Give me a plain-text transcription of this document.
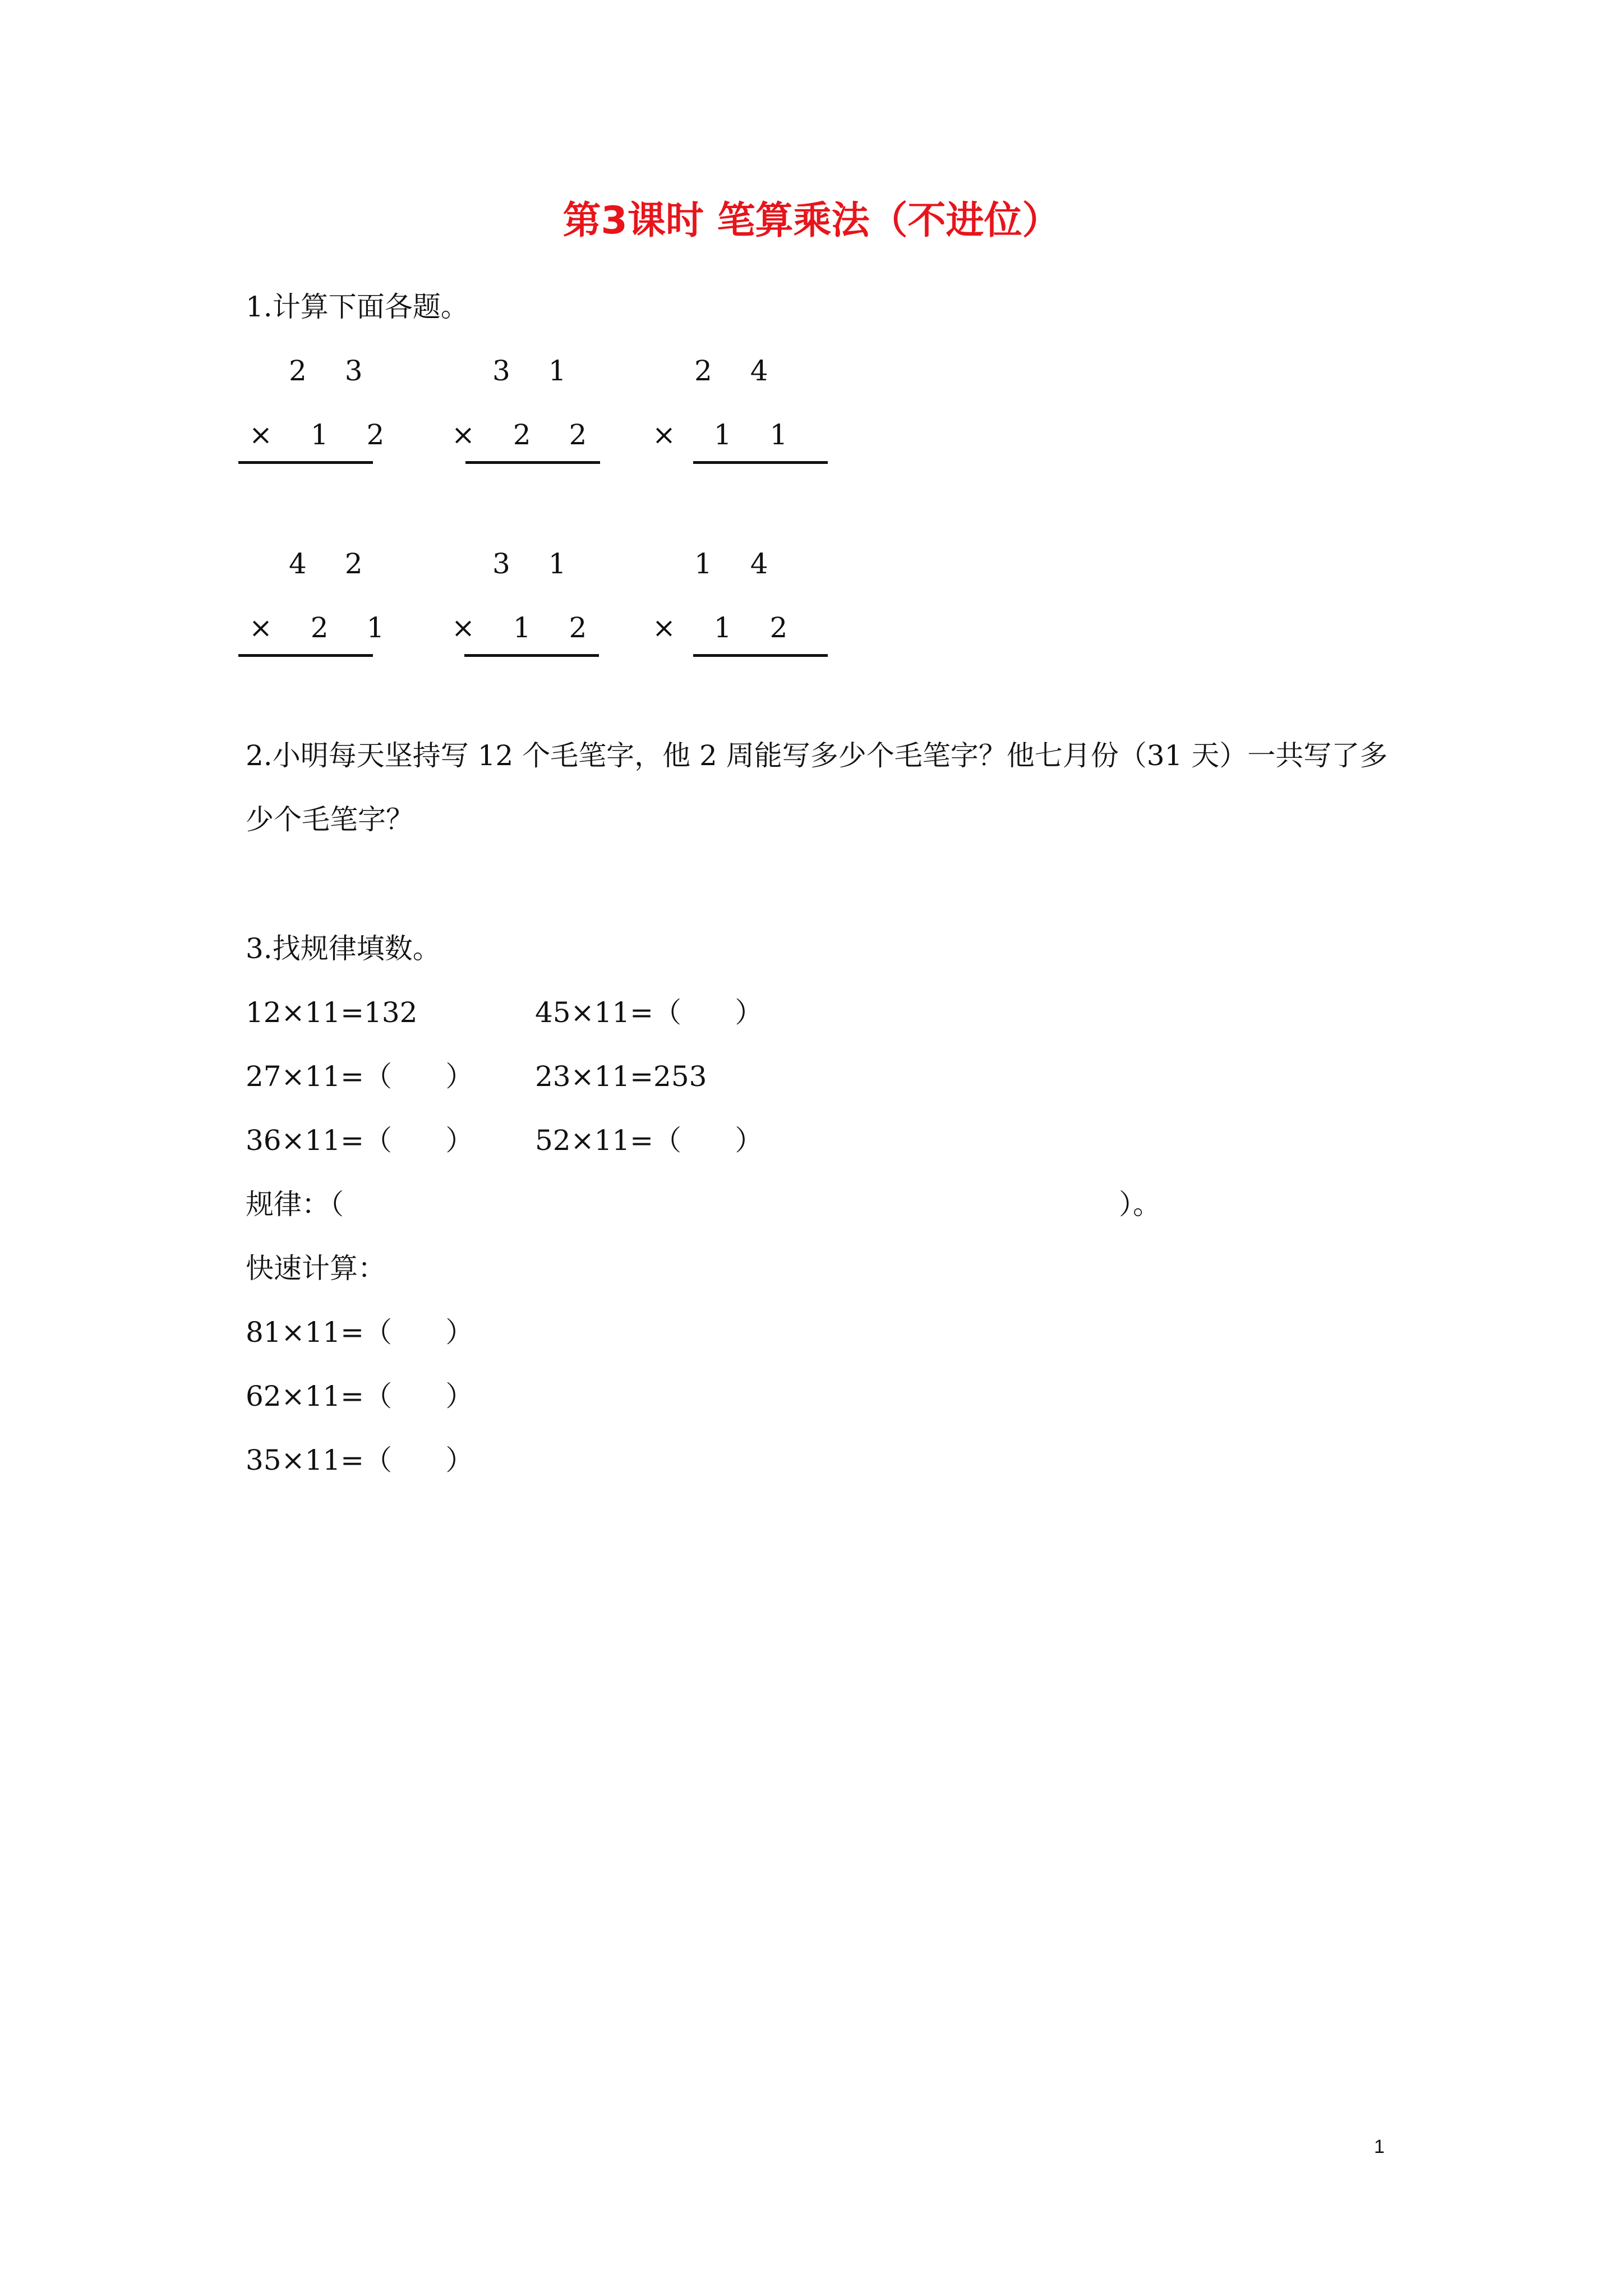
第3课时 笔算乘法（不进位）
1.计算下面各题。
2 3
× 1 2
3 1
× 2 2
2 4
× 1 1
4 2
× 2 1
3 1
× 1 2
1 4
× 1 2
2.小明每天坚持写 12 个毛笔字，他 2 周能写多少个毛笔字？他七月份（31 天）一共写了多
少个毛笔字？
3.找规律填数。
12×11=132	45×11=（      ）
27×11=（      ） 23×11=253
36×11=（      ） 52×11=（      ）
规律：（	）。
快速计算：
81×11=（      ）
62×11=（      ）
35×11=（      ）
1
